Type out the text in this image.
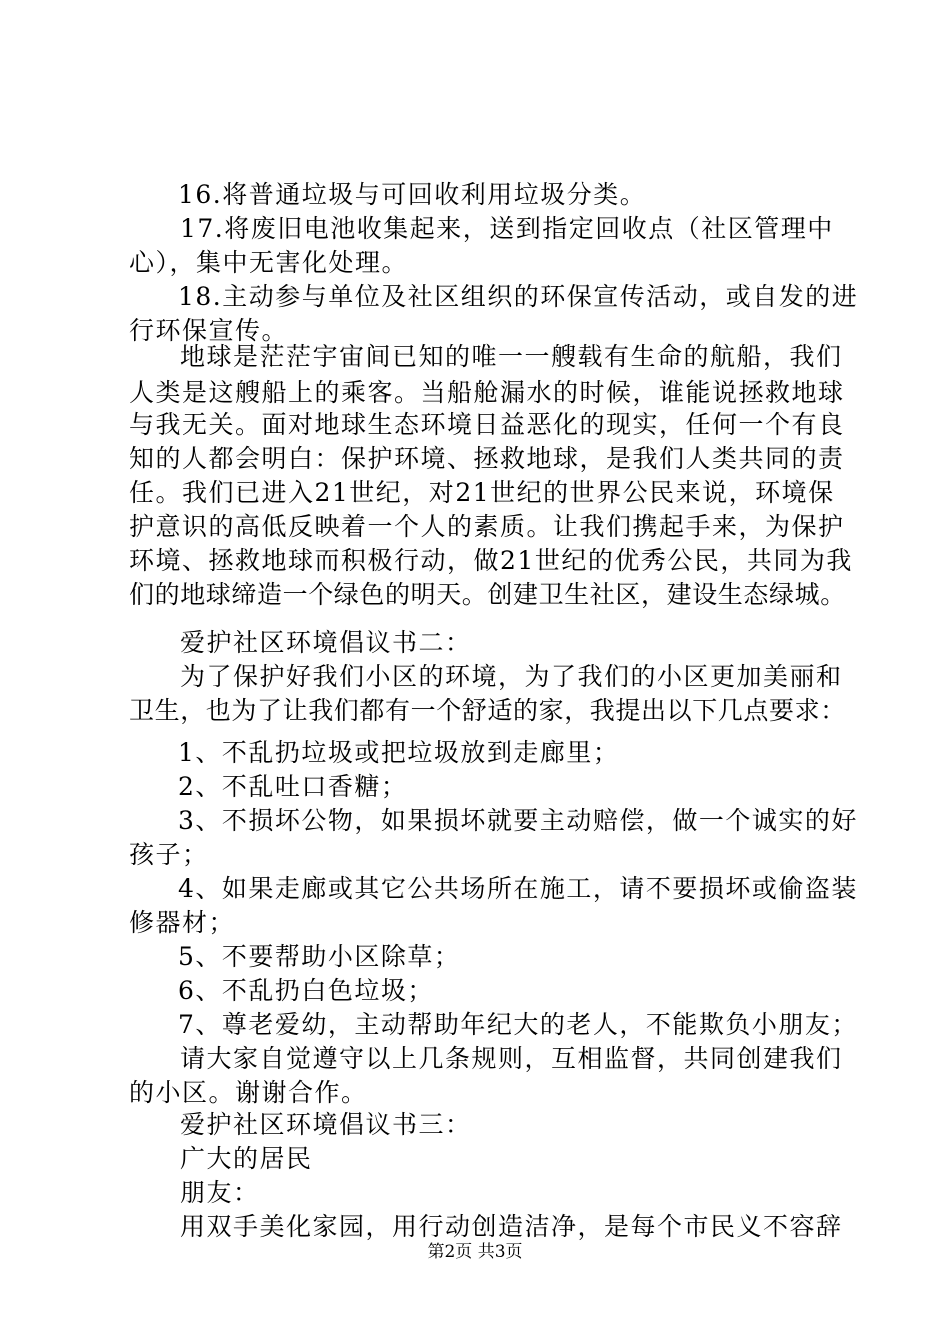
16.将普通垃圾与可回收利用垃圾分类。
17.将废旧电池收集起来，送到指定回收点（社区管理中
心），集中无害化处理。
18.主动参与单位及社区组织的环保宣传活动，或自发的进
行环保宣传。
地球是茫茫宇宙间已知的唯一一艘载有生命的航船，我们
人类是这艘船上的乘客。当船舱漏水的时候，谁能说拯救地球
与我无关。面对地球生态环境日益恶化的现实，任何一个有良
知的人都会明白：保护环境、拯救地球，是我们人类共同的责
任。我们已进入21世纪，对21世纪的世界公民来说，环境保
护意识的高低反映着一个人的素质。让我们携起手来，为保护
环境、拯救地球而积极行动，做21世纪的优秀公民，共同为我
们的地球缔造一个绿色的明天。创建卫生社区，建设生态绿城。
爱护社区环境倡议书二：
为了保护好我们小区的环境，为了我们的小区更加美丽和
卫生，也为了让我们都有一个舒适的家，我提出以下几点要求：
1、不乱扔垃圾或把垃圾放到走廊里；
2、不乱吐口香糖；
3、不损坏公物，如果损坏就要主动赔偿，做一个诚实的好
孩子；
4、如果走廊或其它公共场所在施工，请不要损坏或偷盗装
修器材；
5、不要帮助小区除草；
6、不乱扔白色垃圾；
7、尊老爱幼，主动帮助年纪大的老人，不能欺负小朋友；
请大家自觉遵守以上几条规则，互相监督，共同创建我们
的小区。谢谢合作。
爱护社区环境倡议书三：
广大的居民
朋友：
用双手美化家园，用行动创造洁净，是每个市民义不容辞
第2页 共3页
